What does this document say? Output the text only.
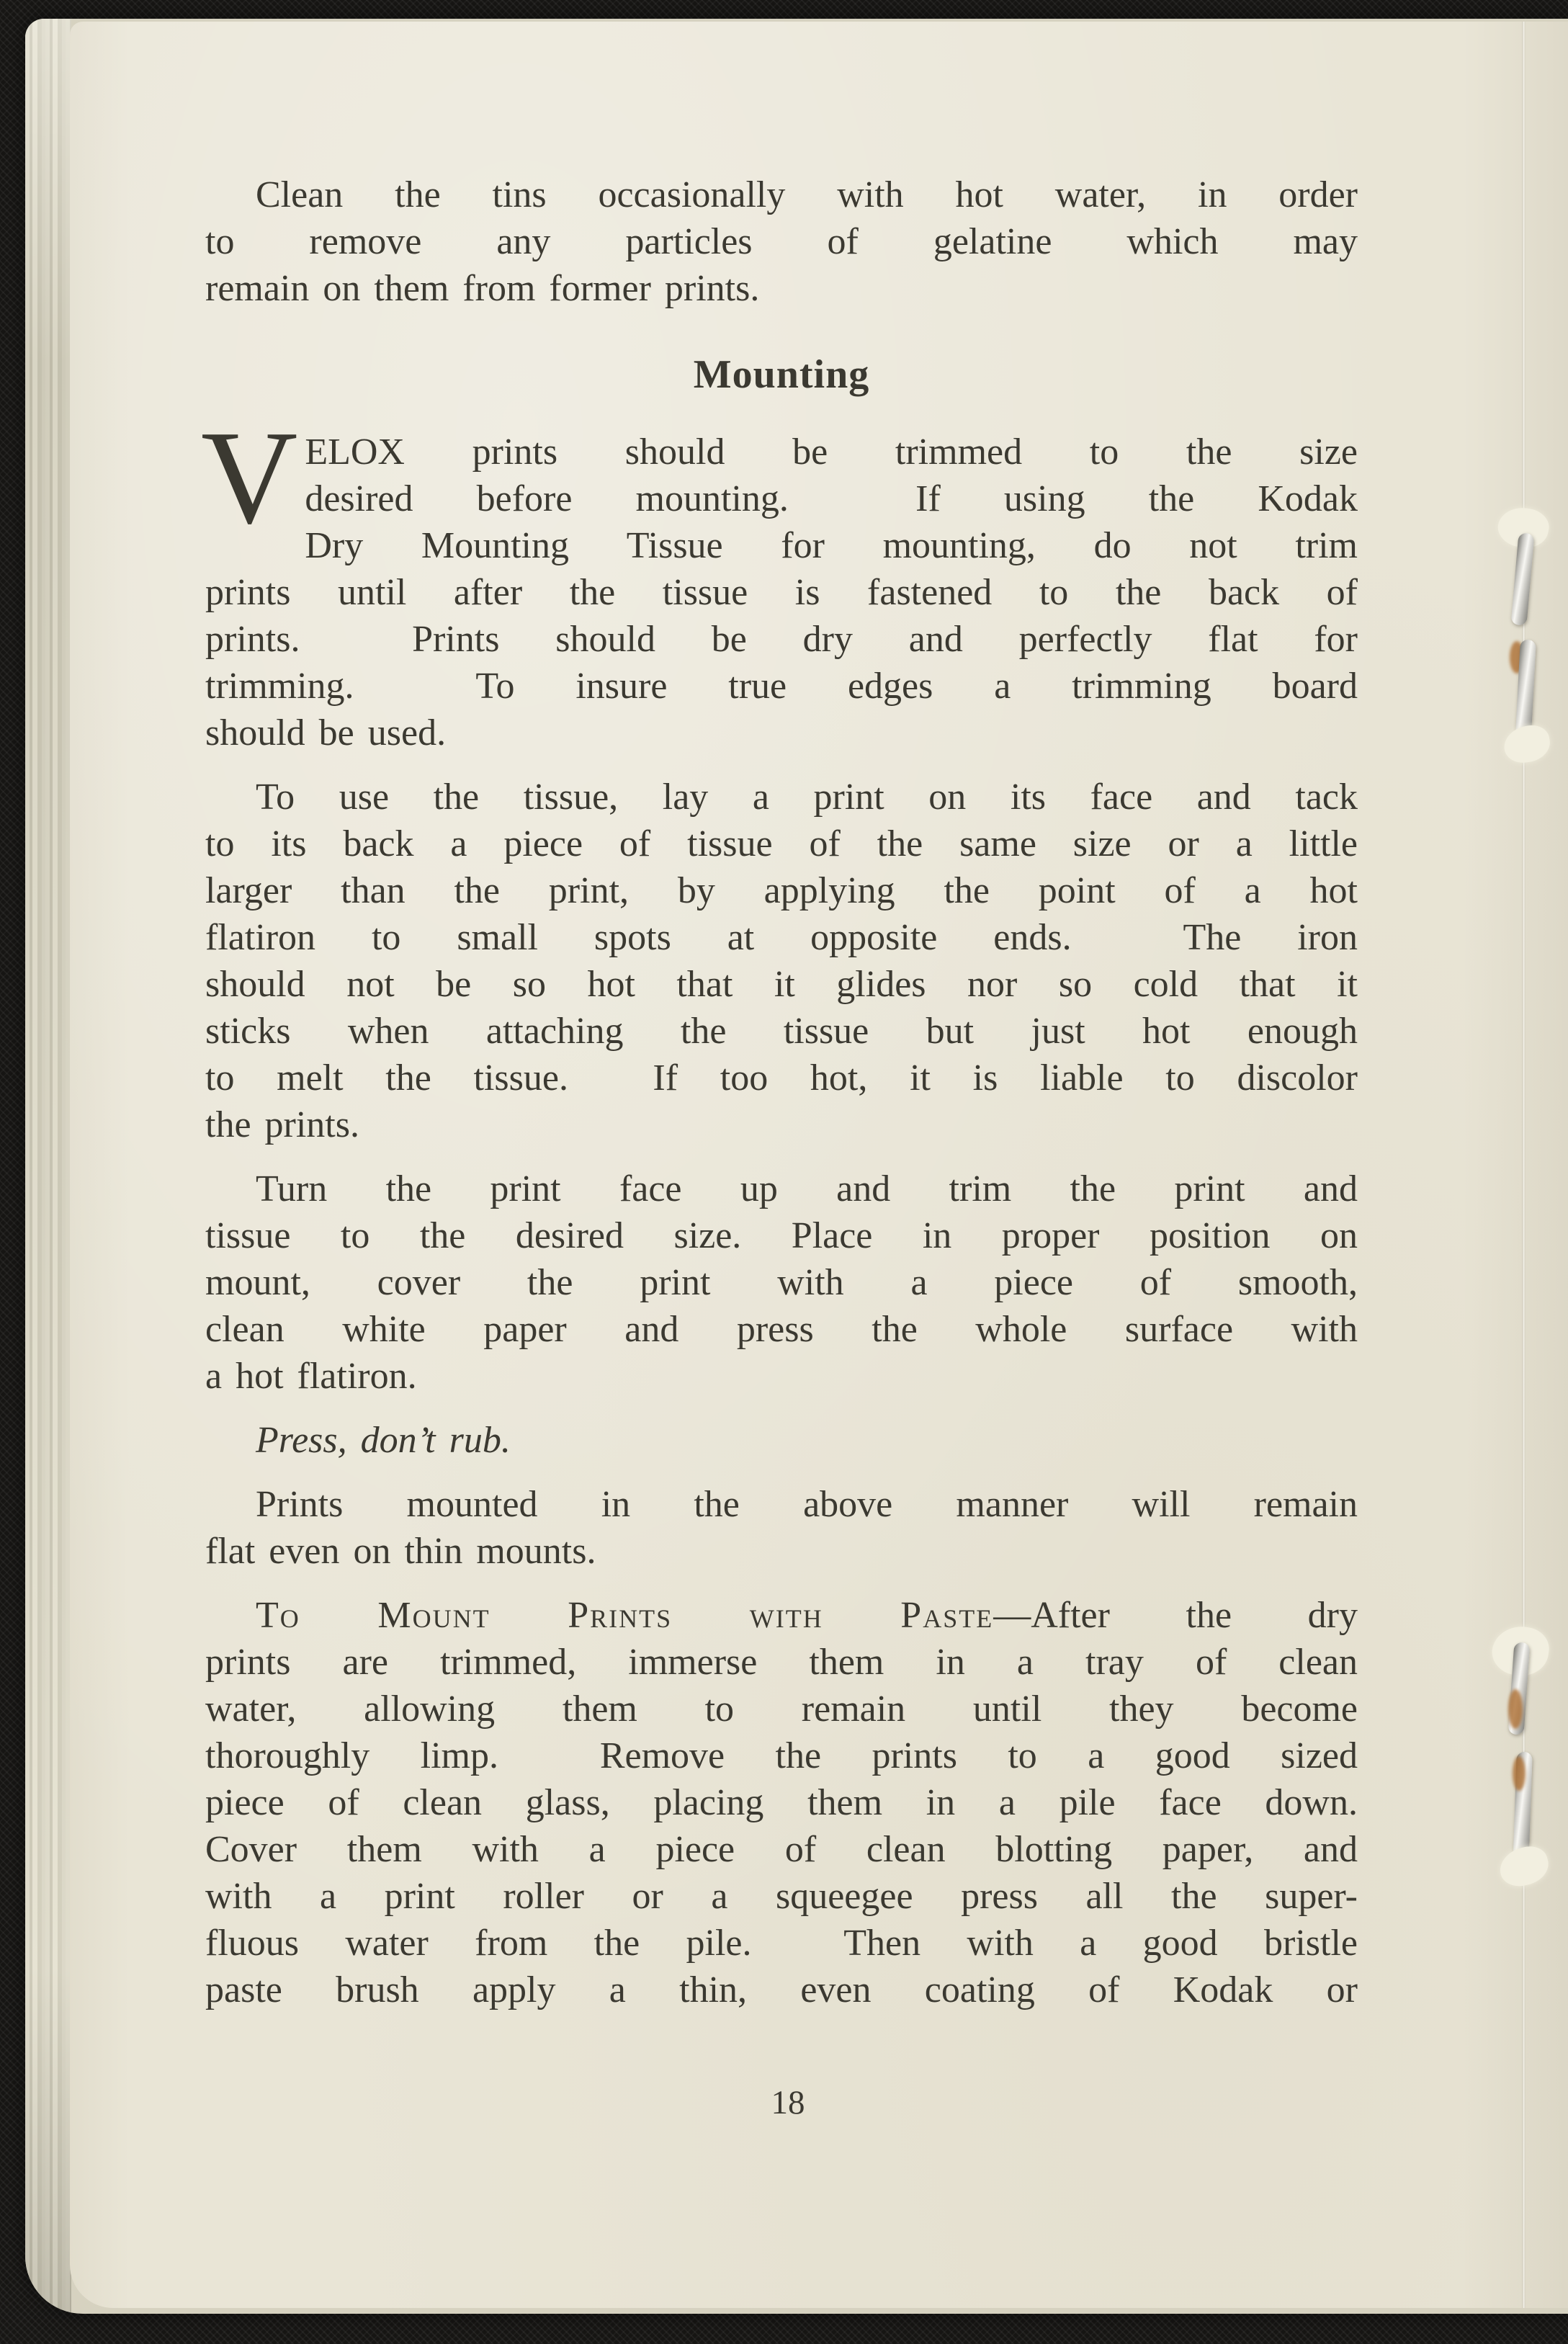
Clean the tins occasionally with hot water, in order
to remove any particles of gelatine which may
remain on them from former prints.
Mounting
V ELOX prints should be trimmed to the size
desired before mounting.  If using the Kodak
Dry Mounting Tissue for mounting, do not trim
prints until after the tissue is fastened to the back of
prints.  Prints should be dry and perfectly flat for
trimming.  To insure true edges a trimming board
should be used.
To use the tissue, lay a print on its face and tack
to its back a piece of tissue of the same size or a little
larger than the print, by applying the point of a hot
flatiron to small spots at opposite ends.  The iron
should not be so hot that it glides nor so cold that it
sticks when attaching the tissue but just hot enough
to melt the tissue.  If too hot, it is liable to discolor
the prints.
Turn the print face up and trim the print and
tissue to the desired size. Place in proper position on
mount, cover the print with a piece of smooth,
clean white paper and press the whole surface with
a hot flatiron.
Press, don’t rub.
Prints mounted in the above manner will remain
flat even on thin mounts.
To Mount Prints with Paste—After the dry
prints are trimmed, immerse them in a tray of clean
water, allowing them to remain until they become
thoroughly limp.  Remove the prints to a good sized
piece of clean glass, placing them in a pile face down.
Cover them with a piece of clean blotting paper, and
with a print roller or a squeegee press all the super-
fluous water from the pile.  Then with a good bristle
paste brush apply a thin, even coating of Kodak or
18
